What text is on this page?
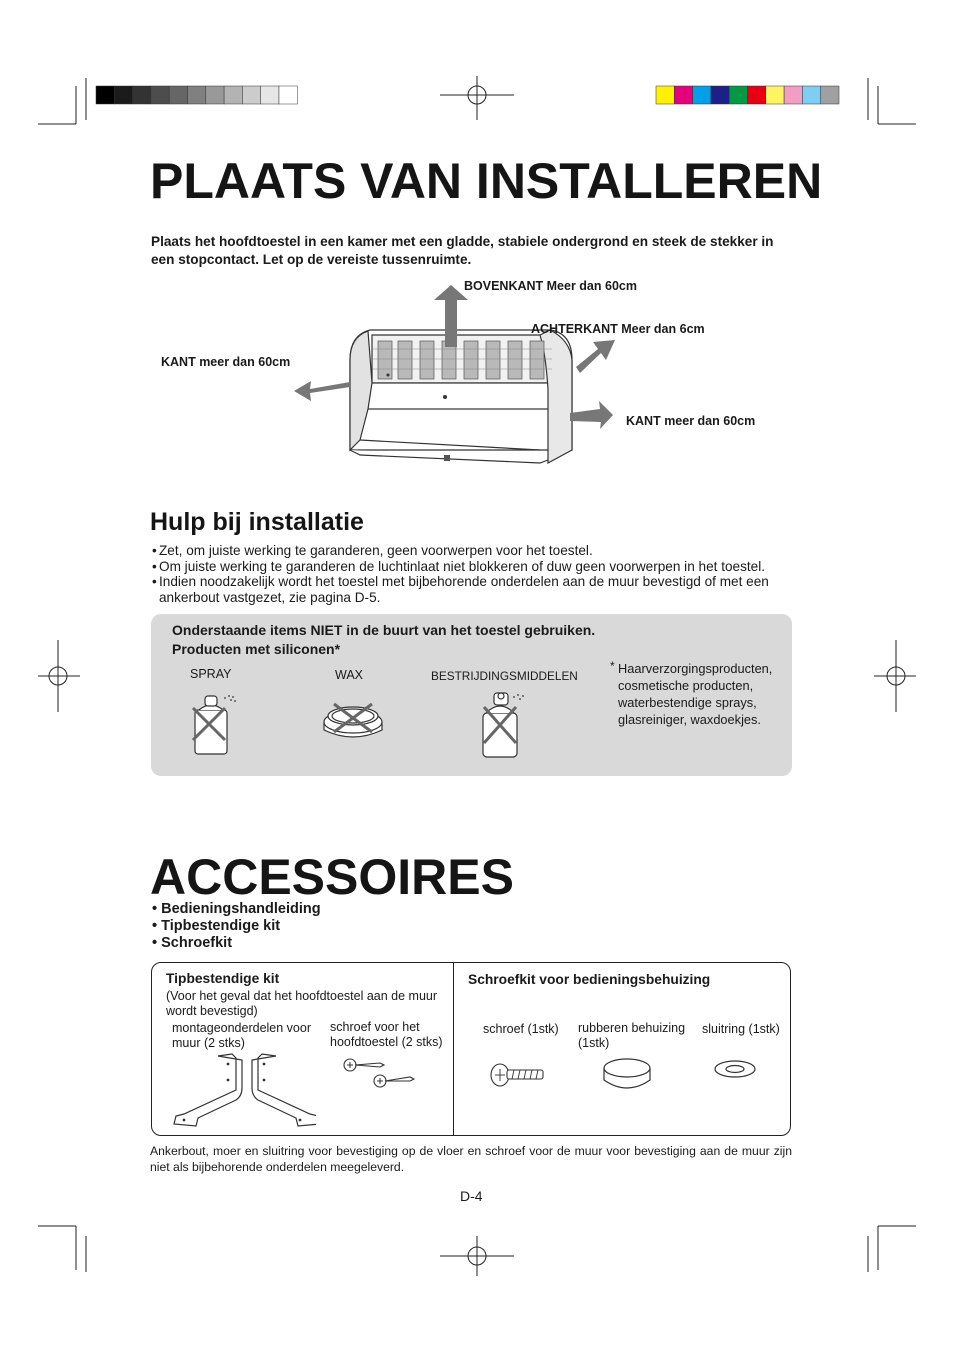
PLAATS VAN INSTALLEREN
Plaats het hoofdtoestel in een kamer met een gladde, stabiele ondergrond en steek de stekker in een stopcontact. Let op de vereiste tussenruimte.
BOVENKANT Meer dan 60cm
ACHTERKANT Meer dan 6cm
KANT meer dan 60cm
KANT meer dan 60cm
Hulp bij installatie
• Zet, om juiste werking te garanderen, geen voorwerpen voor het toestel.
• Om juiste werking te garanderen de luchtinlaat niet blokkeren of duw geen voorwerpen in het toestel.
• Indien noodzakelijk wordt het toestel met bijbehorende onderdelen aan de muur bevestigd of met een ankerbout vastgezet, zie pagina D-5.
Onderstaande items NIET in de buurt van het toestel gebruiken.
Producten met siliconen*
SPRAY	WAX	BESTRIJDINGSMIDDELEN
* Haarverzorgingsproducten, cosmetische producten, waterbestendige sprays, glasreiniger, waxdoekjes.
ACCESSOIRES
• Bedieningshandleiding
• Tipbestendige kit
• Schroefkit
Tipbestendige kit
(Voor het geval dat het hoofdtoestel aan de muur wordt bevestigd)
montageonderdelen voor muur (2 stks)
schroef voor het hoofdtoestel (2 stks)
Schroefkit voor bedieningsbehuizing
schroef (1stk) rubberen behuizing (1stk)
sluitring (1stk)
Ankerbout, moer en sluitring voor bevestiging op de vloer en schroef voor de muur voor bevestiging aan de muur zijn niet als bijbehorende onderdelen meegeleverd.
D-4
